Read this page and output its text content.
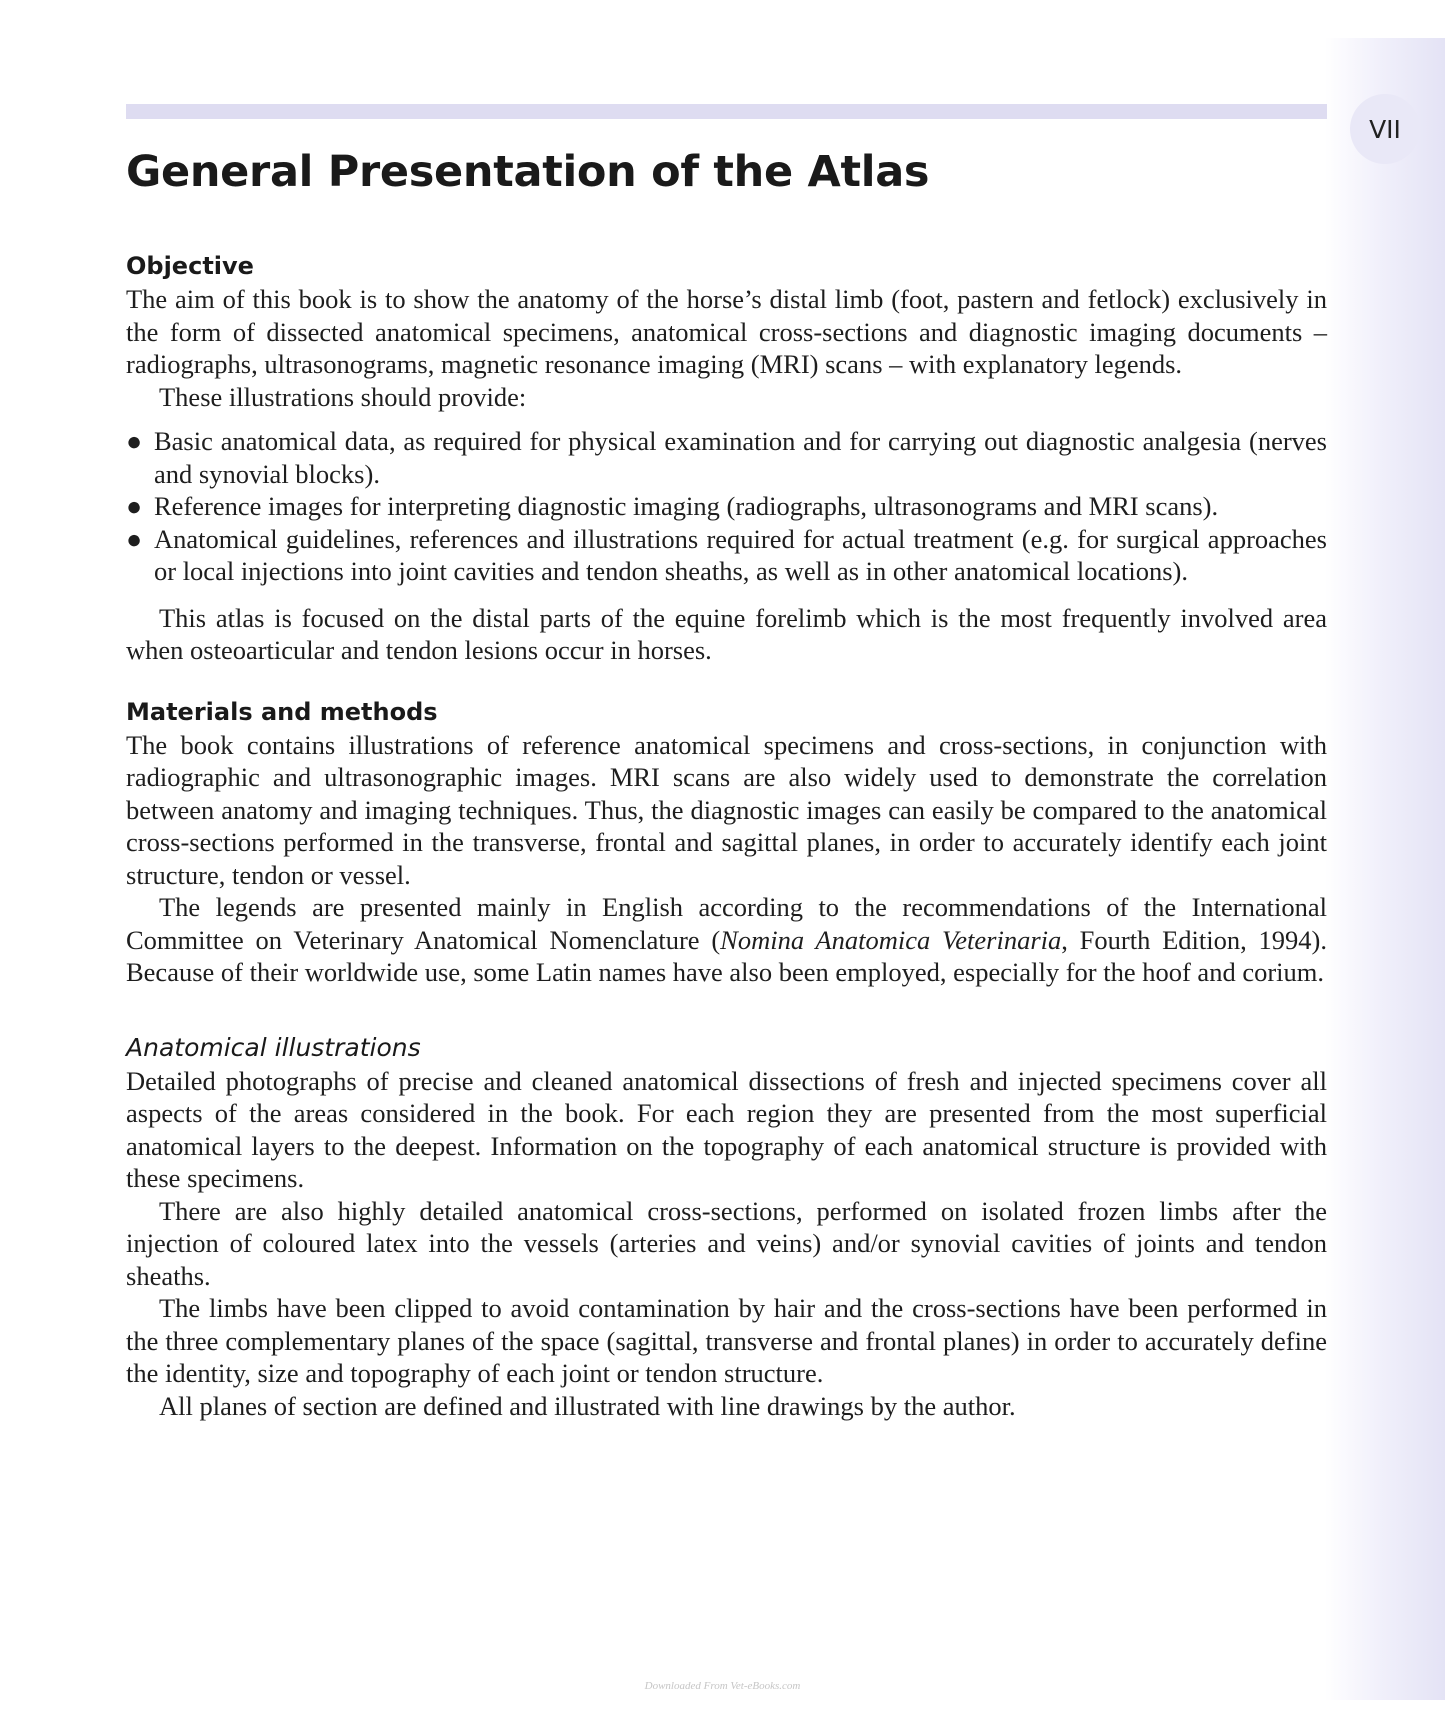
VII
General Presentation of the Atlas
Objective

The aim of this book is to show the anatomy of the horse’s distal limb (foot, pastern and fetlock) exclusively in the form of dissected anatomical specimens, anatomical cross-sections and diagnostic imaging documents – radiographs, ultrasonograms, magnetic resonance imaging (MRI) scans – with explanatory legends.

These illustrations should provide:

● Basic anatomical data, as required for physical examination and for carrying out diagnostic analgesia (nerves and synovial blocks).
● Reference images for interpreting diagnostic imaging (radiographs, ultrasonograms and MRI scans).
● Anatomical guidelines, references and illustrations required for actual treatment (e.g. for surgical approaches or local injections into joint cavities and tendon sheaths, as well as in other anatomical locations).

This atlas is focused on the distal parts of the equine forelimb which is the most frequently involved area when osteoarticular and tendon lesions occur in horses.

Materials and methods

The book contains illustrations of reference anatomical specimens and cross-sections, in conjunction with radiographic and ultrasonographic images. MRI scans are also widely used to demonstrate the correlation between anatomy and imaging techniques. Thus, the diagnostic images can easily be compared to the anatomical cross-sections performed in the transverse, frontal and sagittal planes, in order to accurately identify each joint structure, tendon or vessel.

The legends are presented mainly in English according to the recommendations of the International Committee on Veterinary Anatomical Nomenclature (Nomina Anatomica Veterinaria, Fourth Edition, 1994). Because of their worldwide use, some Latin names have also been employed, especially for the hoof and corium.

Anatomical illustrations

Detailed photographs of precise and cleaned anatomical dissections of fresh and injected specimens cover all aspects of the areas considered in the book. For each region they are presented from the most superficial anatomical layers to the deepest. Information on the topography of each anatomical structure is provided with these specimens.

There are also highly detailed anatomical cross-sections, performed on isolated frozen limbs after the injection of coloured latex into the vessels (arteries and veins) and/or synovial cavities of joints and tendon sheaths.

The limbs have been clipped to avoid contamination by hair and the cross-sections have been performed in the three complementary planes of the space (sagittal, transverse and frontal planes) in order to accurately define the identity, size and topography of each joint or tendon structure.

All planes of section are defined and illustrated with line drawings by the author.

Downloaded From Vet-eBooks.com
